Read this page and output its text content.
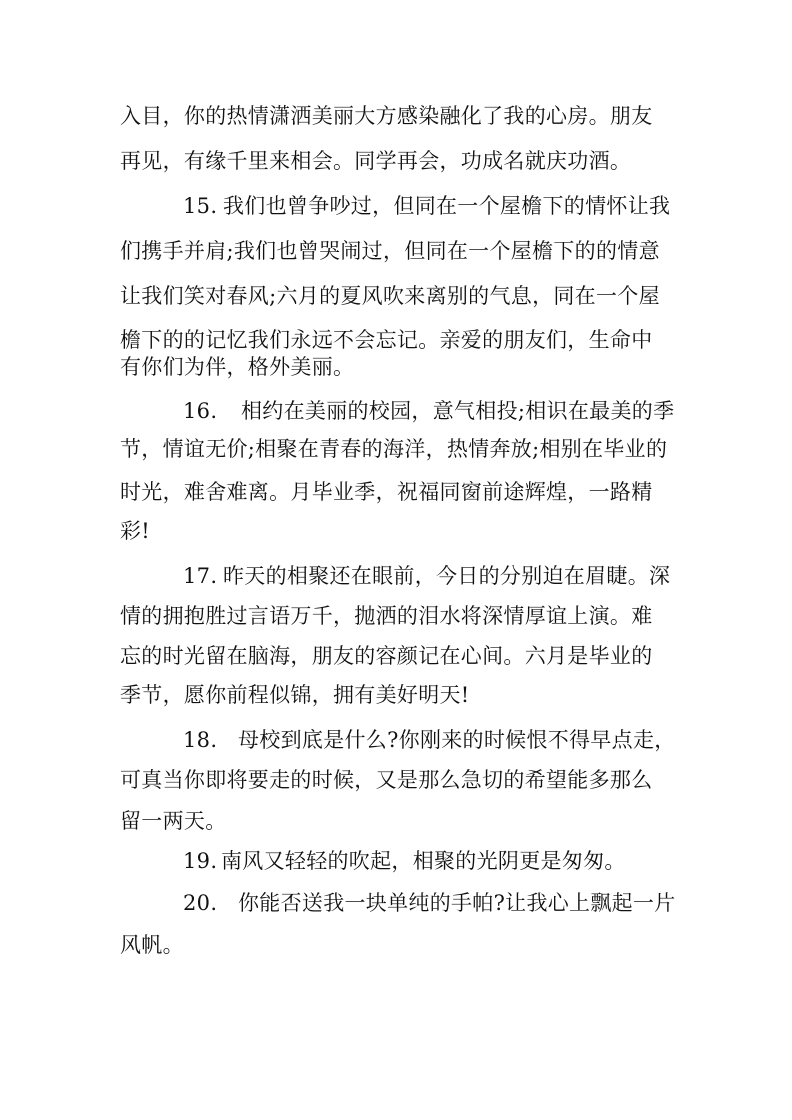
入目，你的热情潇洒美丽大方感染融化了我的心房。朋友
再见，有缘千里来相会。同学再会，功成名就庆功酒。
15. 我们也曾争吵过，但同在一个屋檐下的情怀让我
们携手并肩;我们也曾哭闹过，但同在一个屋檐下的的情意
让我们笑对春风;六月的夏风吹来离别的气息，同在一个屋
檐下的的记忆我们永远不会忘记。亲爱的朋友们，生命中
有你们为伴，格外美丽。
16. 相约在美丽的校园，意气相投;相识在最美的季
节，情谊无价;相聚在青春的海洋，热情奔放;相别在毕业的
时光，难舍难离。月毕业季，祝福同窗前途辉煌，一路精
彩!
17. 昨天的相聚还在眼前，今日的分别迫在眉睫。深
情的拥抱胜过言语万千，抛洒的泪水将深情厚谊上演。难
忘的时光留在脑海，朋友的容颜记在心间。六月是毕业的
季节，愿你前程似锦，拥有美好明天!
18. 母校到底是什么?你刚来的时候恨不得早点走，
可真当你即将要走的时候，又是那么急切的希望能多那么
留一两天。
19. 南风又轻轻的吹起，相聚的光阴更是匆匆。
20. 你能否送我一块单纯的手帕?让我心上飘起一片
风帆。
